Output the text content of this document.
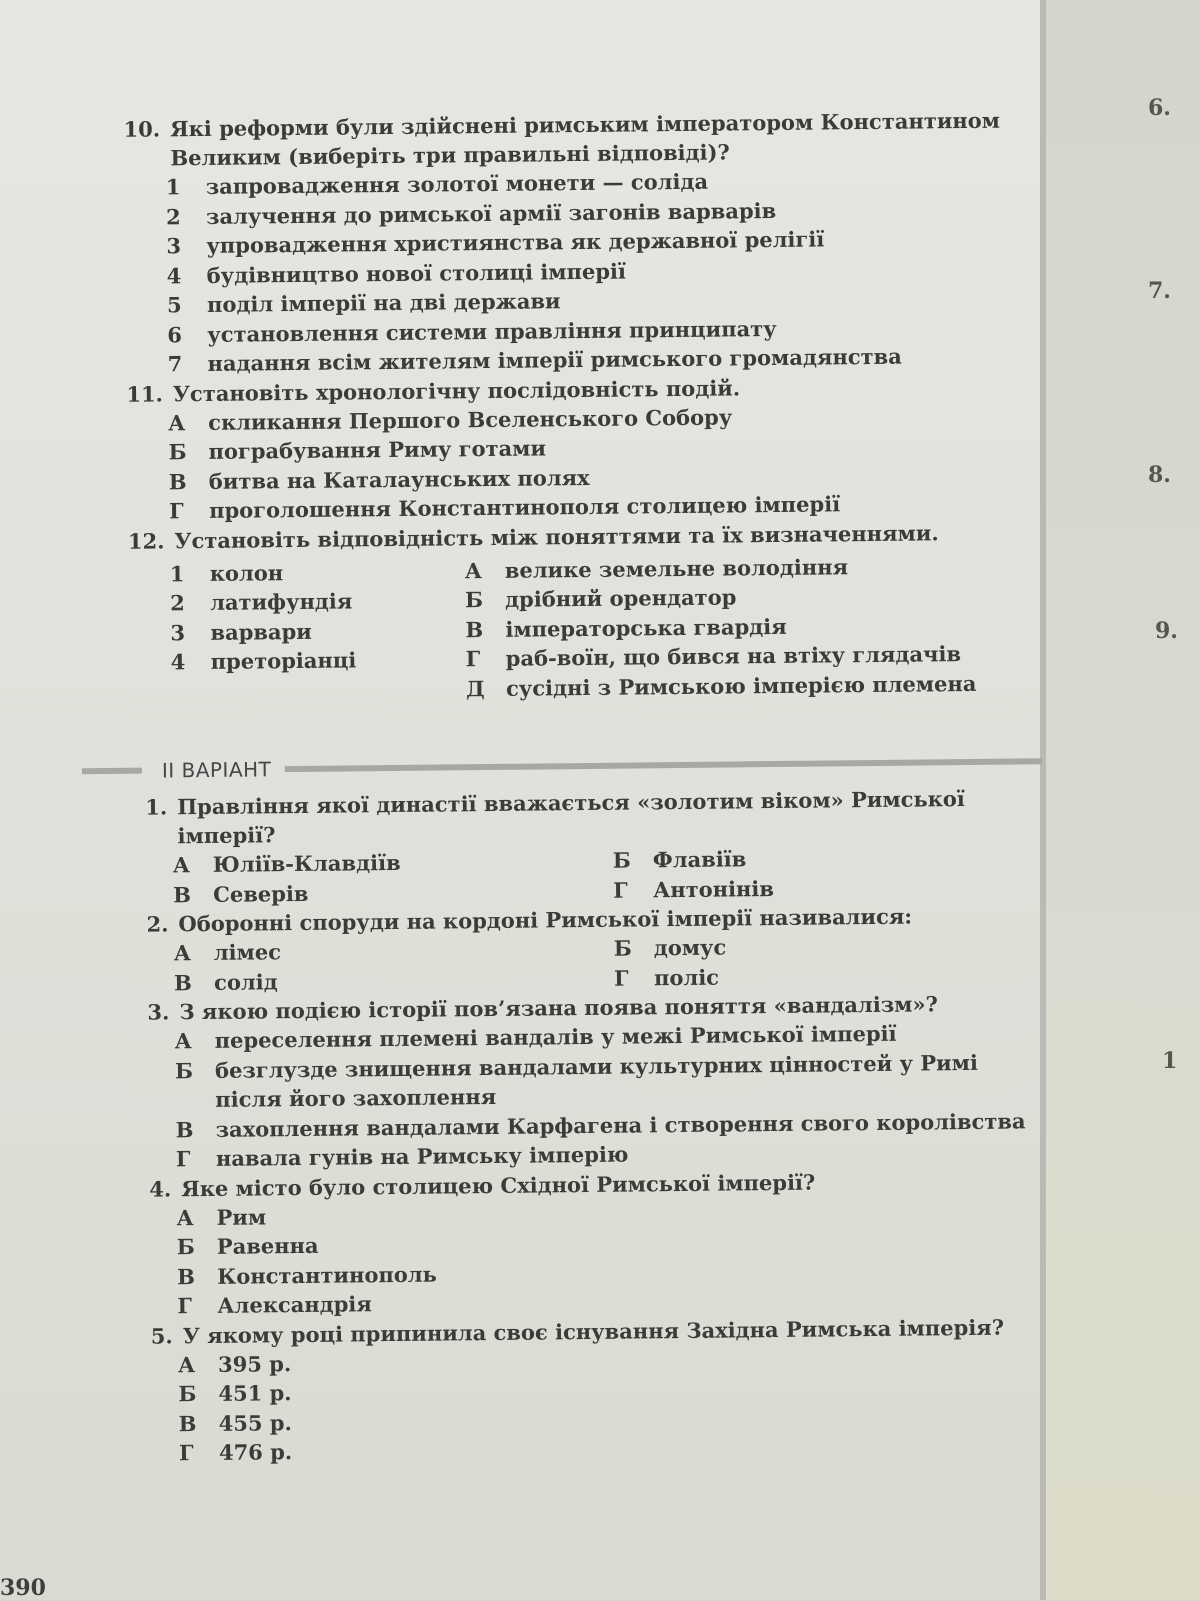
6.
7.
8.
9.
1
10. Які реформи були здійснені римським імператором Константином Великим (виберіть три правильні відповіді)?
1	запровадження золотої монети — соліда
2	залучення до римської армії загонів варварів
3	упровадження християнства як державної релігії
4	будівництво нової столиці імперії
5	поділ імперії на дві держави
6	установлення системи правління принципату
7	надання всім жителям імперії римського громадянства
11. Установіть хронологічну послідовність подій.
А	скликання Першого Вселенського Собору
Б	пограбування Риму готами
В	битва на Каталаунських полях
Г	проголошення Константинополя столицею імперії
12. Установіть відповідність між поняттями та їх визначеннями.
1	колон	А	велике земельне володіння
2	латифундія	Б	дрібний орендатор
3	варвари	В	імператорська гвардія
4	преторіанці	Г	раб-воїн, що бився на втіху глядачів
Д	сусідні з Римською імперією племена
II ВАРІАНТ
1. Правління якої династії вважається «золотим віком» Римської імперії?
А	Юліїв-Клавдіїв	Б	Флавіїв
В	Северів	Г	Антонінів
2. Оборонні споруди на кордоні Римської імперії називалися:
А	лімес	Б	домус
В	солід	Г	поліс
3. З якою подією історії пов’язана поява поняття «вандалізм»?
А	переселення племені вандалів у межі Римської імперії
Б	безглузде знищення вандалами культурних цінностей у Римі після його захоплення
В	захоплення вандалами Карфагена і створення свого королівства
Г	навала гунів на Римську імперію
4. Яке місто було столицею Східної Римської імперії?
А	Рим
Б	Равенна
В	Константинополь
Г	Александрія
5. У якому році припинила своє існування Західна Римська імперія?
А	395 р.
Б	451 р.
В	455 р.
Г	476 р.
390
